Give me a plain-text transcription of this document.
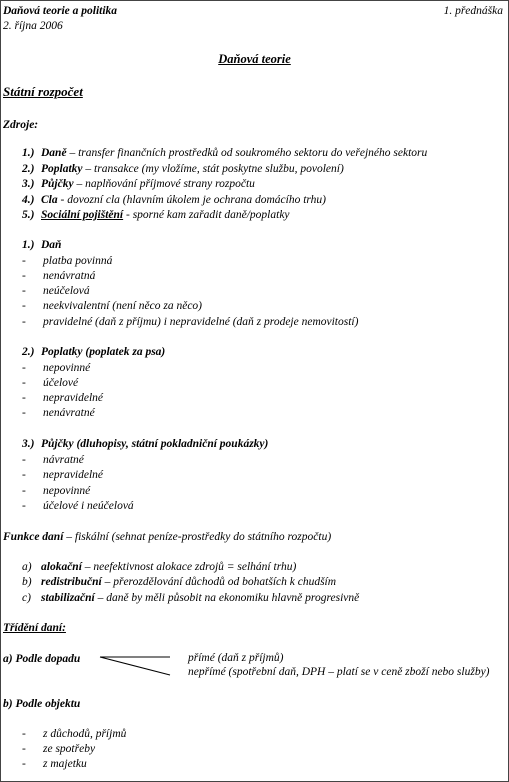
Daňová teorie a politika	1. přednáška
2. října 2006
Daňová teorie
Státní rozpočet
Zdroje:
1.) Daně – transfer finančních prostředků od soukromého sektoru do veřejného sektoru
2.) Poplatky – transakce (my vložíme, stát poskytne službu, povolení)
3.) Půjčky – naplňování příjmové strany rozpočtu
4.) Cla - dovozní cla (hlavním úkolem je ochrana domácího trhu)
5.) Sociální pojištění - sporné kam zařadit daně/poplatky
1.) Daň
- platba povinná
- nenávratná
- neúčelová
- neekvivalentní (není něco za něco)
- pravidelné (daň z příjmu) i nepravidelné (daň z prodeje nemovitostí)
2.) Poplatky (poplatek za psa)
- nepovinné
- účelové
- nepravidelné
- nenávratné
3.) Půjčky (dluhopisy, státní pokladniční poukázky)
- návratné
- nepravidelné
- nepovinné
- účelové i neúčelová
Funkce daní – fiskální (sehnat peníze-prostředky do státního rozpočtu)
a) alokační – neefektivnost alokace zdrojů = selhání trhu)
b) redistribuční – přerozdělování důchodů od bohatších k chudším
c) stabilizační – daně by měli působit na ekonomiku hlavně progresivně
Třídění daní:
a) Podle dopadu	přímé (daň z příjmů)
nepřímé (spotřební daň, DPH – platí se v ceně zboží nebo služby)
b) Podle objektu
- z důchodů, příjmů
- ze spotřeby
- z majetku
